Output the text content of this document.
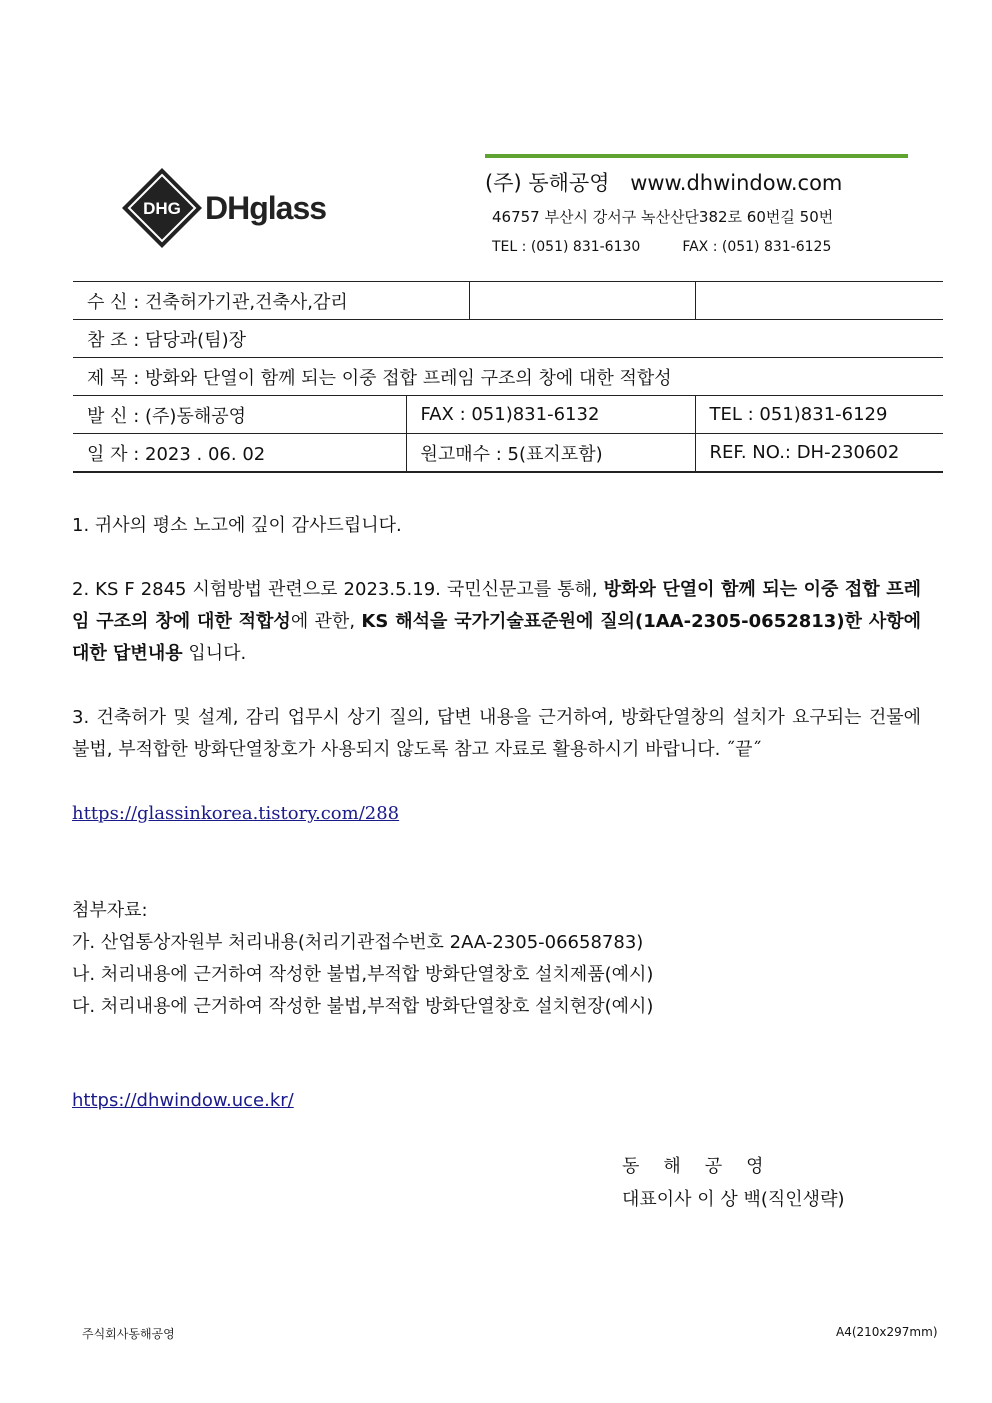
DHG DHglass
(주) 동해공영 www.dhwindow.com
46757 부산시 강서구 녹산산단382로 60번길 50번
TEL : (051) 831-6130	FAX : (051) 831-6125
수 신 : 건축허가기관,건축사,감리			
참 조 : 담당과(팀)장			
제 목 : 방화와 단열이 함께 되는 이중 접합 프레임 구조의 창에 대한 적합성			
발 신 : (주)동해공영	FAX : 051)831-6132		TEL : 051)831-6129
일 자 : 2023 . 06. 02	원고매수 : 5(표지포함)		REF. NO.: DH-230602
1. 귀사의 평소 노고에 깊이 감사드립니다.
2. KS F 2845 시험방법 관련으로 2023.5.19. 국민신문고를 통해, 방화와 단열이 함께 되는 이중 접합 프레임 구조의 창에 대한 적합성에 관한, KS 해석을 국가기술표준원에 질의(1AA-2305-0652813)한 사항에 대한 답변내용 입니다.
3. 건축허가 및 설계, 감리 업무시 상기 질의, 답변 내용을 근거하여, 방화단열창의 설치가 요구되는 건물에 불법, 부적합한 방화단열창호가 사용되지 않도록 참고 자료로 활용하시기 바랍니다. ˝끝˝
https://glassinkorea.tistory.com/288
첨부자료:
가. 산업통상자원부 처리내용(처리기관접수번호 2AA-2305-06658783)
나. 처리내용에 근거하여 작성한 불법,부적합 방화단열창호 설치제품(예시)
다. 처리내용에 근거하여 작성한 불법,부적합 방화단열창호 설치현장(예시)
https://dhwindow.uce.kr/
동해공영
대표이사 이 상 백(직인생략)
주식회사동해공영	A4(210x297mm)
